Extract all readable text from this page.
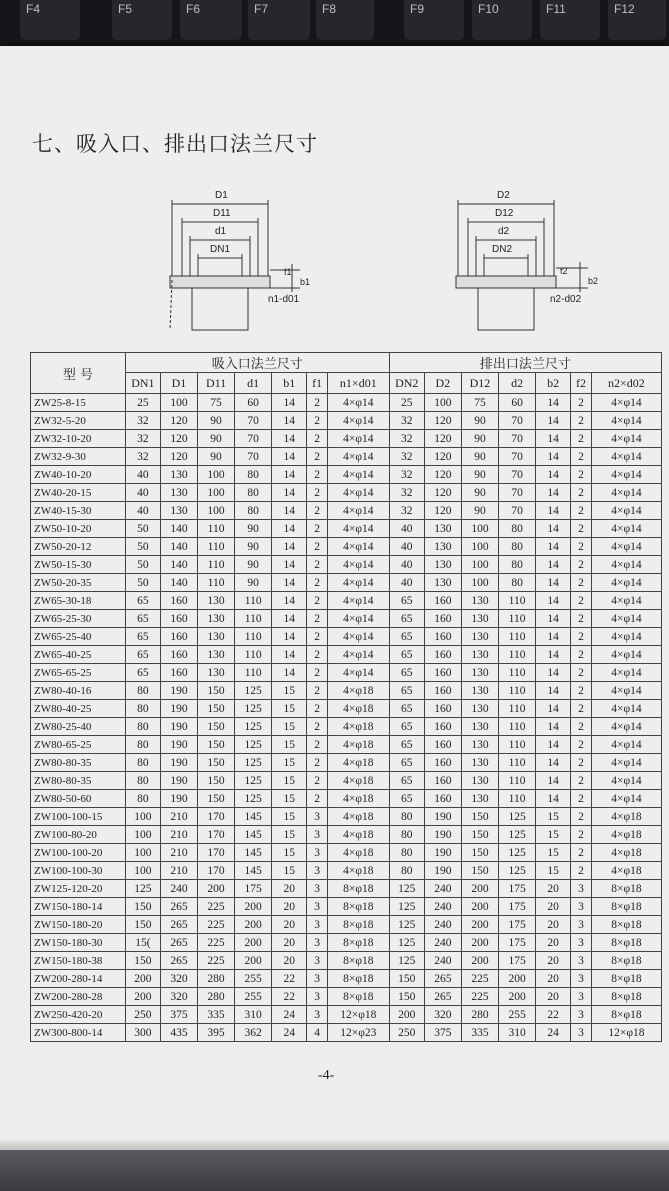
F4	F5	F6	F7	F8	F9	F10	F11	F12
七、吸入口、排出口法兰尺寸
D1
D11
d1
DN1
f1
b1
n1-d01
D2
D12
d2
DN2
f2
b2
n2-d02
型 号	吸入口法兰尺寸							排出口法兰尺寸						
	DN1	D1	D11	d1	b1	f1	n1×d01	DN2	D2	D12	d2	b2	f2	n2×d02
ZW25-8-15	25	100	75	60	14	2	4×φ14	25	100	75	60	14	2	4×φ14
ZW32-5-20	32	120	90	70	14	2	4×φ14	32	120	90	70	14	2	4×φ14
ZW32-10-20	32	120	90	70	14	2	4×φ14	32	120	90	70	14	2	4×φ14
ZW32-9-30	32	120	90	70	14	2	4×φ14	32	120	90	70	14	2	4×φ14
ZW40-10-20	40	130	100	80	14	2	4×φ14	32	120	90	70	14	2	4×φ14
ZW40-20-15	40	130	100	80	14	2	4×φ14	32	120	90	70	14	2	4×φ14
ZW40-15-30	40	130	100	80	14	2	4×φ14	32	120	90	70	14	2	4×φ14
ZW50-10-20	50	140	110	90	14	2	4×φ14	40	130	100	80	14	2	4×φ14
ZW50-20-12	50	140	110	90	14	2	4×φ14	40	130	100	80	14	2	4×φ14
ZW50-15-30	50	140	110	90	14	2	4×φ14	40	130	100	80	14	2	4×φ14
ZW50-20-35	50	140	110	90	14	2	4×φ14	40	130	100	80	14	2	4×φ14
ZW65-30-18	65	160	130	110	14	2	4×φ14	65	160	130	110	14	2	4×φ14
ZW65-25-30	65	160	130	110	14	2	4×φ14	65	160	130	110	14	2	4×φ14
ZW65-25-40	65	160	130	110	14	2	4×φ14	65	160	130	110	14	2	4×φ14
ZW65-40-25	65	160	130	110	14	2	4×φ14	65	160	130	110	14	2	4×φ14
ZW65-65-25	65	160	130	110	14	2	4×φ14	65	160	130	110	14	2	4×φ14
ZW80-40-16	80	190	150	125	15	2	4×φ18	65	160	130	110	14	2	4×φ14
ZW80-40-25	80	190	150	125	15	2	4×φ18	65	160	130	110	14	2	4×φ14
ZW80-25-40	80	190	150	125	15	2	4×φ18	65	160	130	110	14	2	4×φ14
ZW80-65-25	80	190	150	125	15	2	4×φ18	65	160	130	110	14	2	4×φ14
ZW80-80-35	80	190	150	125	15	2	4×φ18	65	160	130	110	14	2	4×φ14
ZW80-80-35	80	190	150	125	15	2	4×φ18	65	160	130	110	14	2	4×φ14
ZW80-50-60	80	190	150	125	15	2	4×φ18	65	160	130	110	14	2	4×φ14
ZW100-100-15	100	210	170	145	15	3	4×φ18	80	190	150	125	15	2	4×φ18
ZW100-80-20	100	210	170	145	15	3	4×φ18	80	190	150	125	15	2	4×φ18
ZW100-100-20	100	210	170	145	15	3	4×φ18	80	190	150	125	15	2	4×φ18
ZW100-100-30	100	210	170	145	15	3	4×φ18	80	190	150	125	15	2	4×φ18
ZW125-120-20	125	240	200	175	20	3	8×φ18	125	240	200	175	20	3	8×φ18
ZW150-180-14	150	265	225	200	20	3	8×φ18	125	240	200	175	20	3	8×φ18
ZW150-180-20	150	265	225	200	20	3	8×φ18	125	240	200	175	20	3	8×φ18
ZW150-180-30	15(	265	225	200	20	3	8×φ18	125	240	200	175	20	3	8×φ18
ZW150-180-38	150	265	225	200	20	3	8×φ18	125	240	200	175	20	3	8×φ18
ZW200-280-14	200	320	280	255	22	3	8×φ18	150	265	225	200	20	3	8×φ18
ZW200-280-28	200	320	280	255	22	3	8×φ18	150	265	225	200	20	3	8×φ18
ZW250-420-20	250	375	335	310	24	3	12×φ18	200	320	280	255	22	3	8×φ18
ZW300-800-14	300	435	395	362	24	4	12×φ23	250	375	335	310	24	3	12×φ18
-4-
